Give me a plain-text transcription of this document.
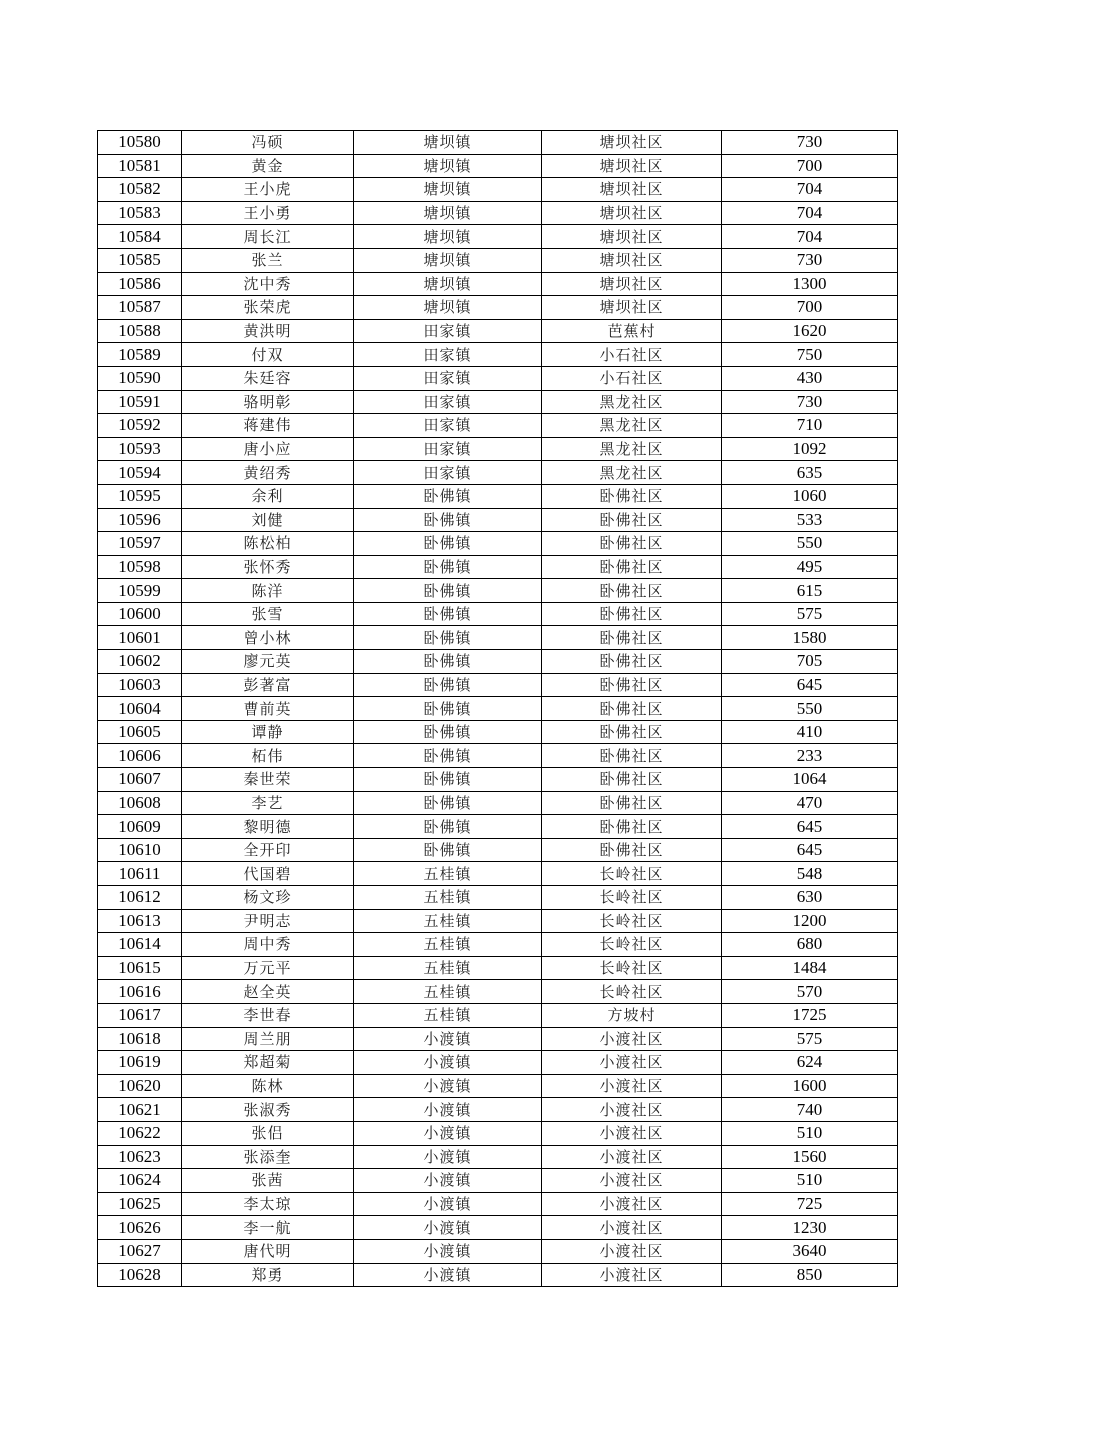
10580	冯硕	塘坝镇	塘坝社区	730
10581	黄金	塘坝镇	塘坝社区	700
10582	王小虎	塘坝镇	塘坝社区	704
10583	王小勇	塘坝镇	塘坝社区	704
10584	周长江	塘坝镇	塘坝社区	704
10585	张兰	塘坝镇	塘坝社区	730
10586	沈中秀	塘坝镇	塘坝社区	1300
10587	张荣虎	塘坝镇	塘坝社区	700
10588	黄洪明	田家镇	芭蕉村	1620
10589	付双	田家镇	小石社区	750
10590	朱廷容	田家镇	小石社区	430
10591	骆明彰	田家镇	黑龙社区	730
10592	蒋建伟	田家镇	黑龙社区	710
10593	唐小应	田家镇	黑龙社区	1092
10594	黄绍秀	田家镇	黑龙社区	635
10595	余利	卧佛镇	卧佛社区	1060
10596	刘健	卧佛镇	卧佛社区	533
10597	陈松柏	卧佛镇	卧佛社区	550
10598	张怀秀	卧佛镇	卧佛社区	495
10599	陈洋	卧佛镇	卧佛社区	615
10600	张雪	卧佛镇	卧佛社区	575
10601	曾小林	卧佛镇	卧佛社区	1580
10602	廖元英	卧佛镇	卧佛社区	705
10603	彭著富	卧佛镇	卧佛社区	645
10604	曹前英	卧佛镇	卧佛社区	550
10605	谭静	卧佛镇	卧佛社区	410
10606	柘伟	卧佛镇	卧佛社区	233
10607	秦世荣	卧佛镇	卧佛社区	1064
10608	李艺	卧佛镇	卧佛社区	470
10609	黎明德	卧佛镇	卧佛社区	645
10610	全开印	卧佛镇	卧佛社区	645
10611	代国碧	五桂镇	长岭社区	548
10612	杨文珍	五桂镇	长岭社区	630
10613	尹明志	五桂镇	长岭社区	1200
10614	周中秀	五桂镇	长岭社区	680
10615	万元平	五桂镇	长岭社区	1484
10616	赵全英	五桂镇	长岭社区	570
10617	李世春	五桂镇	方坡村	1725
10618	周兰朋	小渡镇	小渡社区	575
10619	郑超菊	小渡镇	小渡社区	624
10620	陈林	小渡镇	小渡社区	1600
10621	张淑秀	小渡镇	小渡社区	740
10622	张侣	小渡镇	小渡社区	510
10623	张添奎	小渡镇	小渡社区	1560
10624	张茜	小渡镇	小渡社区	510
10625	李太琼	小渡镇	小渡社区	725
10626	李一航	小渡镇	小渡社区	1230
10627	唐代明	小渡镇	小渡社区	3640
10628	郑勇	小渡镇	小渡社区	850
